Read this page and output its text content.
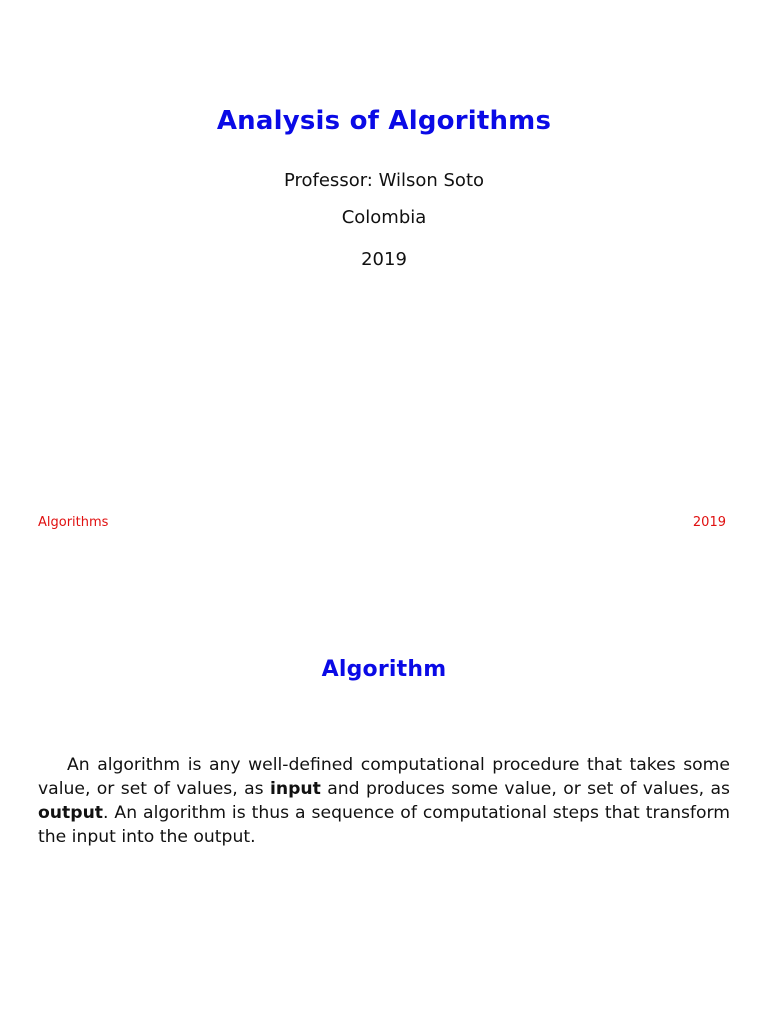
Analysis of Algorithms
Professor: Wilson Soto
Colombia
2019
Algorithms	2019
Algorithm
An algorithm is any well-defined computational procedure that takes some value, or set of values, as input and produces some value, or set of values, as output. An algorithm is thus a sequence of computational steps that transform the input into the output.
